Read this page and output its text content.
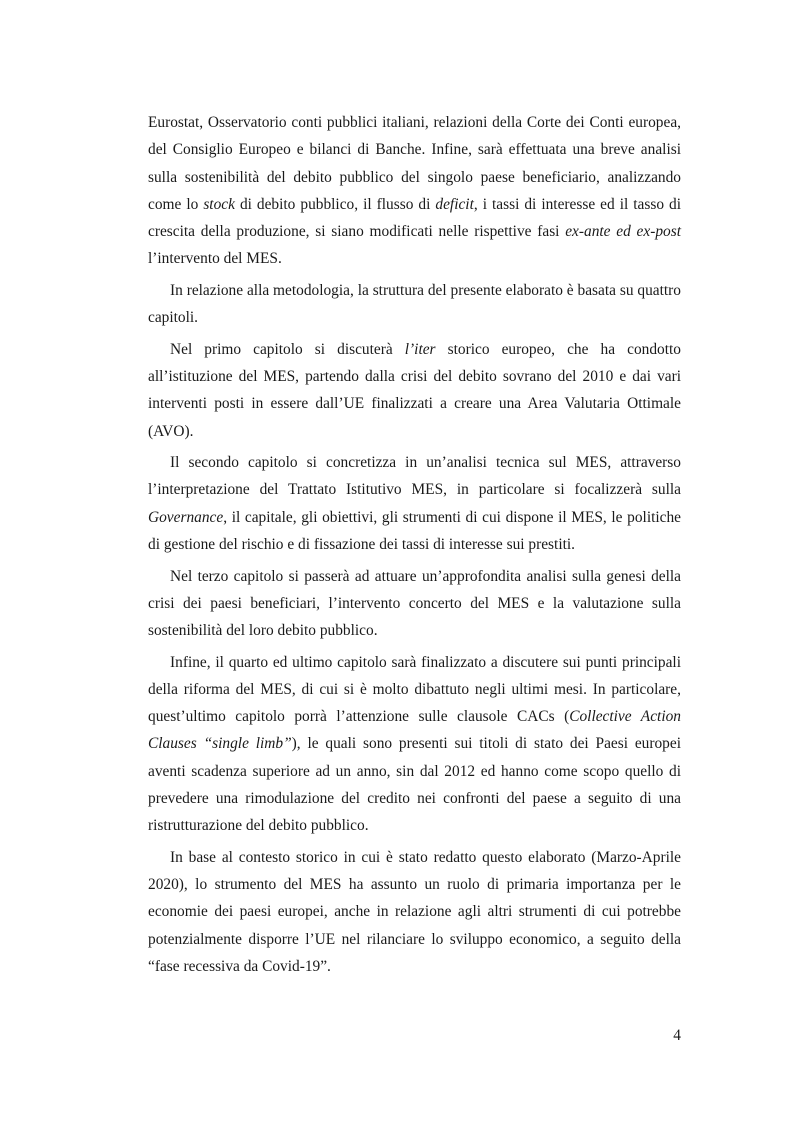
Eurostat, Osservatorio conti pubblici italiani, relazioni della Corte dei Conti europea, del Consiglio Europeo e bilanci di Banche. Infine, sarà effettuata una breve analisi sulla sostenibilità del debito pubblico del singolo paese beneficiario, analizzando come lo stock di debito pubblico, il flusso di deficit, i tassi di interesse ed il tasso di crescita della produzione, si siano modificati nelle rispettive fasi ex-ante ed ex-post l’intervento del MES.

In relazione alla metodologia, la struttura del presente elaborato è basata su quattro capitoli.

Nel primo capitolo si discuterà l’iter storico europeo, che ha condotto all’istituzione del MES, partendo dalla crisi del debito sovrano del 2010 e dai vari interventi posti in essere dall’UE finalizzati a creare una Area Valutaria Ottimale (AVO).

Il secondo capitolo si concretizza in un’analisi tecnica sul MES, attraverso l’interpretazione del Trattato Istitutivo MES, in particolare si focalizzerà sulla Governance, il capitale, gli obiettivi, gli strumenti di cui dispone il MES, le politiche di gestione del rischio e di fissazione dei tassi di interesse sui prestiti.

Nel terzo capitolo si passerà ad attuare un’approfondita analisi sulla genesi della crisi dei paesi beneficiari, l’intervento concerto del MES e la valutazione sulla sostenibilità del loro debito pubblico.

Infine, il quarto ed ultimo capitolo sarà finalizzato a discutere sui punti principali della riforma del MES, di cui si è molto dibattuto negli ultimi mesi. In particolare, quest’ultimo capitolo porrà l’attenzione sulle clausole CACs (Collective Action Clauses “single limb”), le quali sono presenti sui titoli di stato dei Paesi europei aventi scadenza superiore ad un anno, sin dal 2012 ed hanno come scopo quello di prevedere una rimodulazione del credito nei confronti del paese a seguito di una ristrutturazione del debito pubblico.

In base al contesto storico in cui è stato redatto questo elaborato (Marzo-Aprile 2020), lo strumento del MES ha assunto un ruolo di primaria importanza per le economie dei paesi europei, anche in relazione agli altri strumenti di cui potrebbe potenzialmente disporre l’UE nel rilanciare lo sviluppo economico, a seguito della “fase recessiva da Covid-19”.

4
